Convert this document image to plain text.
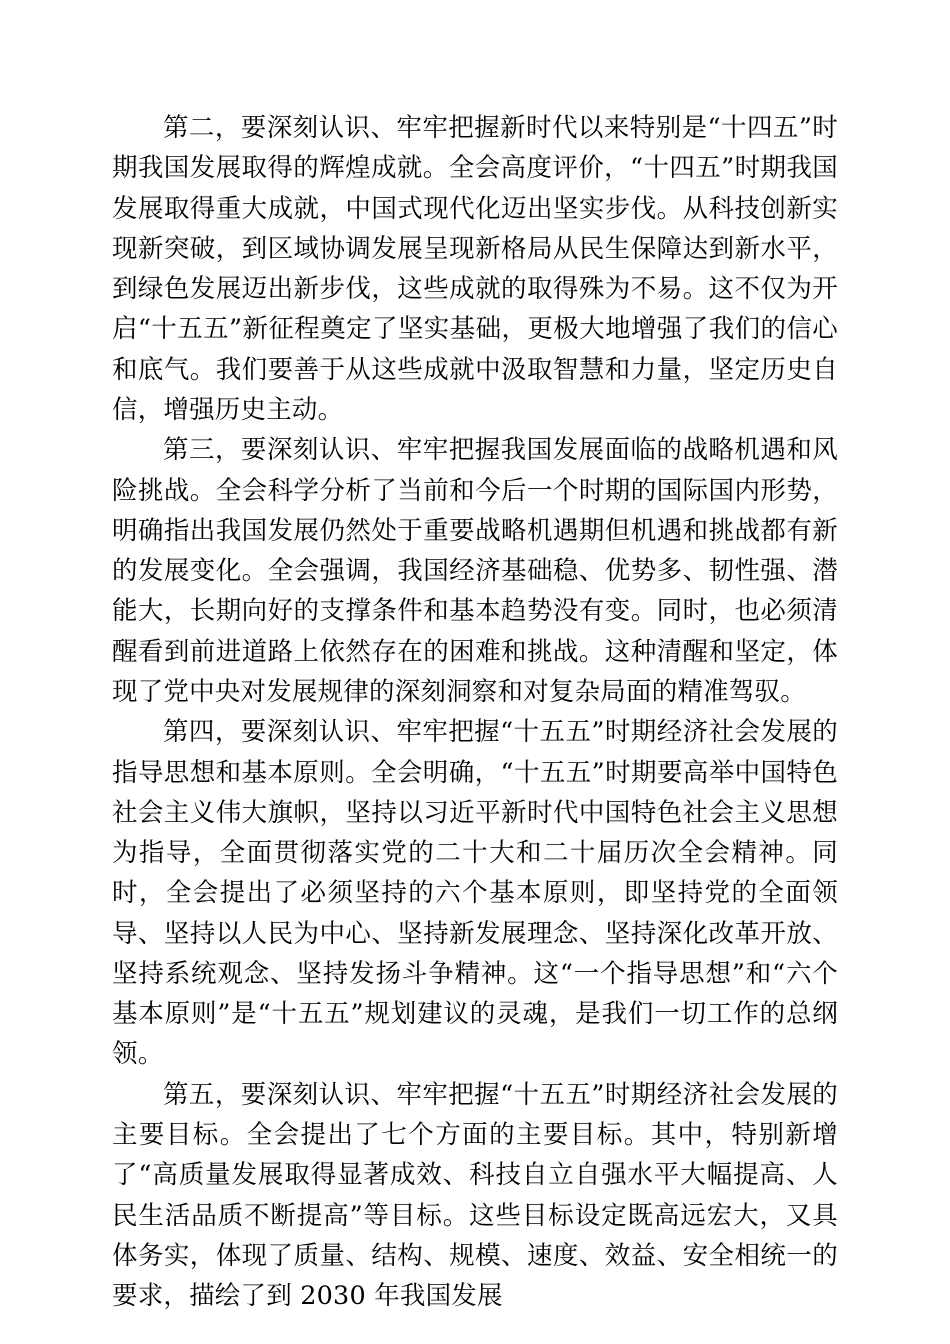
第二，要深刻认识、牢牢把握新时代以来特别是“十四五”时期我国发展取得的辉煌成就。全会高度评价，“十四五”时期我国发展取得重大成就，中国式现代化迈出坚实步伐。从科技创新实现新突破，到区域协调发展呈现新格局从民生保障达到新水平，到绿色发展迈出新步伐，这些成就的取得殊为不易。这不仅为开启“十五五”新征程奠定了坚实基础，更极大地增强了我们的信心和底气。我们要善于从这些成就中汲取智慧和力量，坚定历史自信，增强历史主动。

第三，要深刻认识、牢牢把握我国发展面临的战略机遇和风险挑战。全会科学分析了当前和今后一个时期的国际国内形势，明确指出我国发展仍然处于重要战略机遇期但机遇和挑战都有新的发展变化。全会强调，我国经济基础稳、优势多、韧性强、潜能大，长期向好的支撑条件和基本趋势没有变。同时，也必须清醒看到前进道路上依然存在的困难和挑战。这种清醒和坚定，体现了党中央对发展规律的深刻洞察和对复杂局面的精准驾驭。

第四，要深刻认识、牢牢把握“十五五”时期经济社会发展的指导思想和基本原则。全会明确，“十五五”时期要高举中国特色社会主义伟大旗帜，坚持以习近平新时代中国特色社会主义思想为指导，全面贯彻落实党的二十大和二十届历次全会精神。同时，全会提出了必须坚持的六个基本原则，即坚持党的全面领导、坚持以人民为中心、坚持新发展理念、坚持深化改革开放、坚持系统观念、坚持发扬斗争精神。这“一个指导思想”和“六个基本原则”是“十五五”规划建议的灵魂，是我们一切工作的总纲领。

第五，要深刻认识、牢牢把握“十五五”时期经济社会发展的主要目标。全会提出了七个方面的主要目标。其中，特别新增了“高质量发展取得显著成效、科技自立自强水平大幅提高、人民生活品质不断提高”等目标。这些目标设定既高远宏大，又具体务实，体现了质量、结构、规模、速度、效益、安全相统一的要求，描绘了到 2030 年我国发展
